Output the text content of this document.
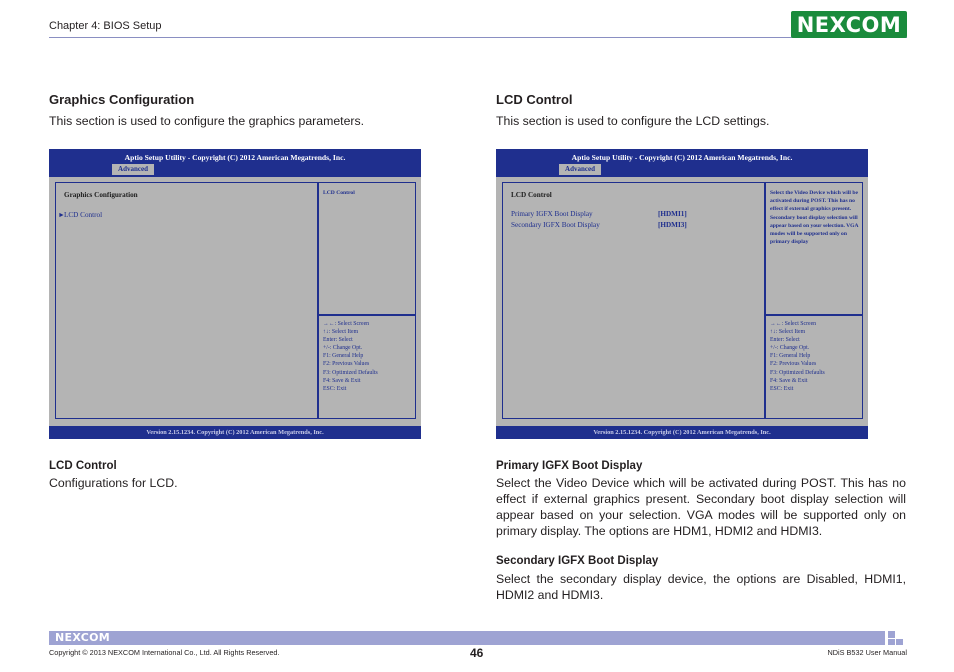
Chapter 4: BIOS Setup	NEXCOM
Graphics Configuration
This section is used to configure the graphics parameters.
Aptio Setup Utility - Copyright (C) 2012 American Megatrends, Inc.
Advanced
Graphics Configuration
► LCD Control
LCD Control
→←: Select Screen
↑↓: Select Item
Enter: Select
+/-: Change Opt.
F1: General Help
F2: Previous Values
F3: Optimized Defaults
F4: Save & Exit
ESC: Exit
Version 2.15.1234. Copyright (C) 2012 American Megatrends, Inc.
LCD Control
Configurations for LCD.
LCD Control
This section is used to configure the LCD settings.
Aptio Setup Utility - Copyright (C) 2012 American Megatrends, Inc.
Advanced
LCD Control
Primary IGFX Boot Display	[HDMI1]
Secondary IGFX Boot Display	[HDMI3]
Select the Video Device which will be activated during POST. This has no effect if external graphics present. Secondary boot display selection will appear based on your selection. VGA modes will be supported only on primary display
→←: Select Screen
↑↓: Select Item
Enter: Select
+/-: Change Opt.
F1: General Help
F2: Previous Values
F3: Optimized Defaults
F4: Save & Exit
ESC: Exit
Version 2.15.1234. Copyright (C) 2012 American Megatrends, Inc.
Primary IGFX Boot Display
Select the Video Device which will be activated during POST. This has no effect if external graphics present. Secondary boot display selection will appear based on your selection. VGA modes will be supported only on primary display. The options are HDM1, HDMI2 and HDMI3.
Secondary IGFX Boot Display
Select the secondary display device, the options are Disabled, HDMI1, HDMI2 and HDMI3.
NEXCOM
Copyright © 2013 NEXCOM International Co., Ltd. All Rights Reserved.	46	NDiS B532 User Manual
